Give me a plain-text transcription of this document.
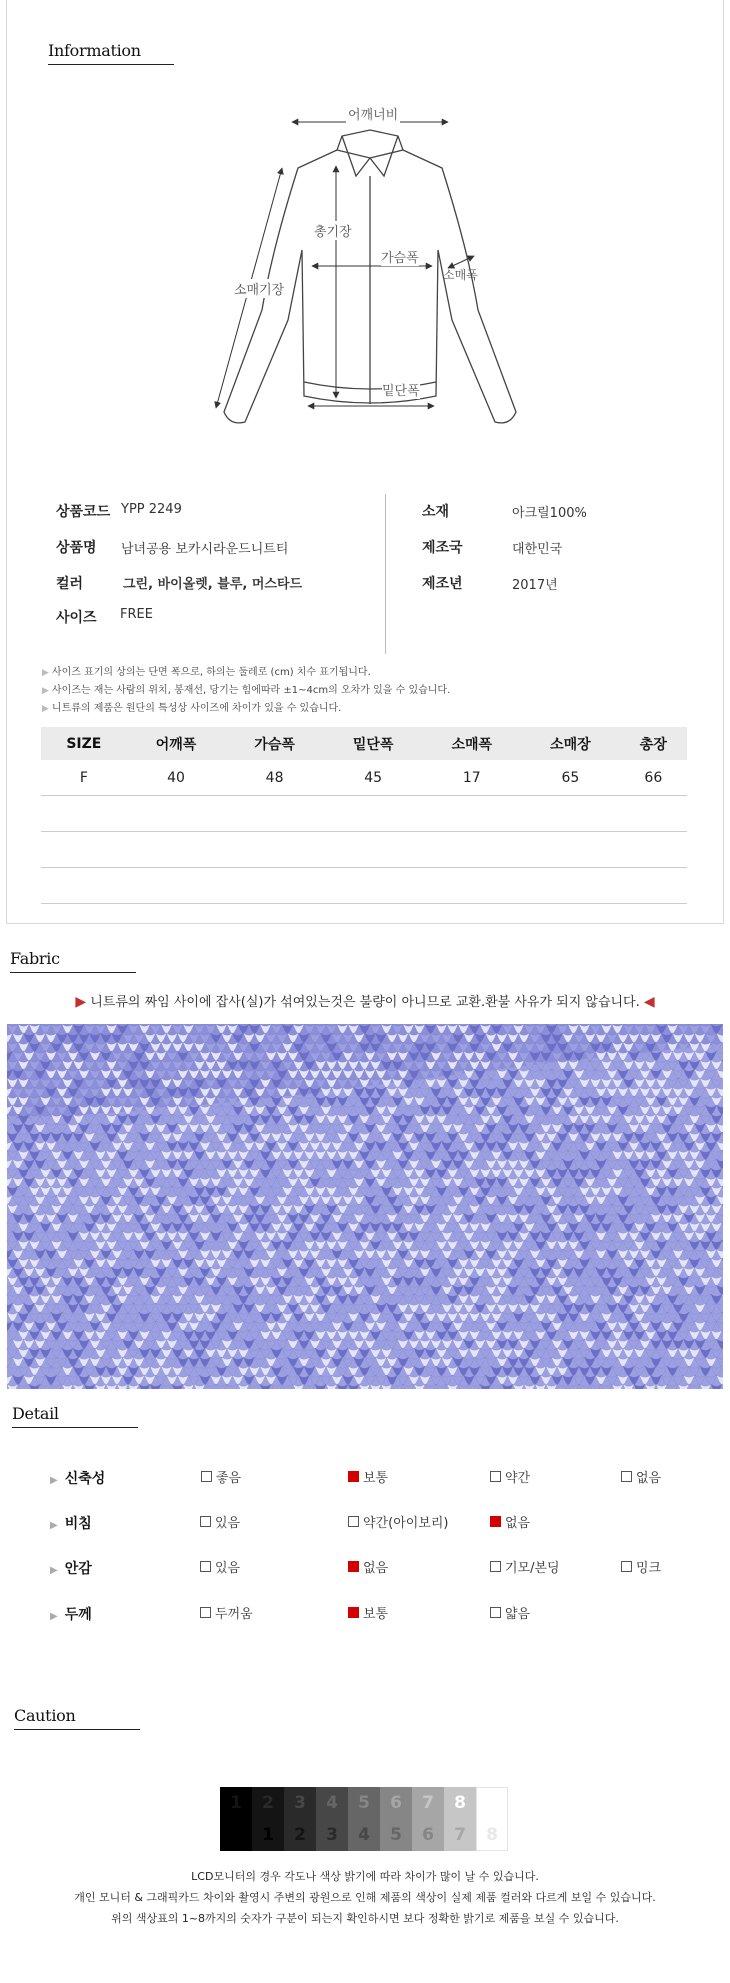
Information
어깨너비
총기장
가슴폭
소매폭
소매기장
밑단폭
상품코드 YPP 2249
상품명 남녀공용 보카시라운드니트티
컬러	그린, 바이올렛, 블루, 머스타드
사이즈 FREE
소재	아크릴100%
제조국	대한민국
제조년	2017년
▶ 사이즈 표기의 상의는 단면 폭으로, 하의는 둘레로 (cm) 치수 표기됩니다.
▶ 사이즈는 재는 사람의 위치, 봉재선, 당기는 힘에따라 ±1~4cm의 오차가 있을 수 있습니다.
▶ 니트류의 제품은 원단의 특성상 사이즈에 차이가 있을 수 있습니다.
SIZE	어깨폭	가슴폭	밑단폭	소매폭	소매장	총장
F	40	48	45	17	65	66

Fabric
▶ 니트류의 짜임 사이에 잡사(실)가 섞여있는것은 불량이 아니므로 교환.환불 사유가 되지 않습니다. ◀
Detail
▶ 신축성	좋음	보통	약간	없음
▶ 비침	있음	약간(아이보리)	없음
▶ 안감	있음	없음	기모/본딩	밍크
▶ 두께	두꺼움	보통	얇음
Caution
1	2
1
3
2
4
3
5
4
6
5
7
6
8
7	8
LCD모니터의 경우 각도나 색상 밝기에 따라 차이가 많이 날 수 있습니다.
개인 모니터 & 그래픽카드 차이와 촬영시 주변의 광원으로 인해 제품의 색상이 실제 제품 컬러와 다르게 보일 수 있습니다.
위의 색상표의 1~8까지의 숫자가 구분이 되는지 확인하시면 보다 정확한 밝기로 제품을 보실 수 있습니다.
